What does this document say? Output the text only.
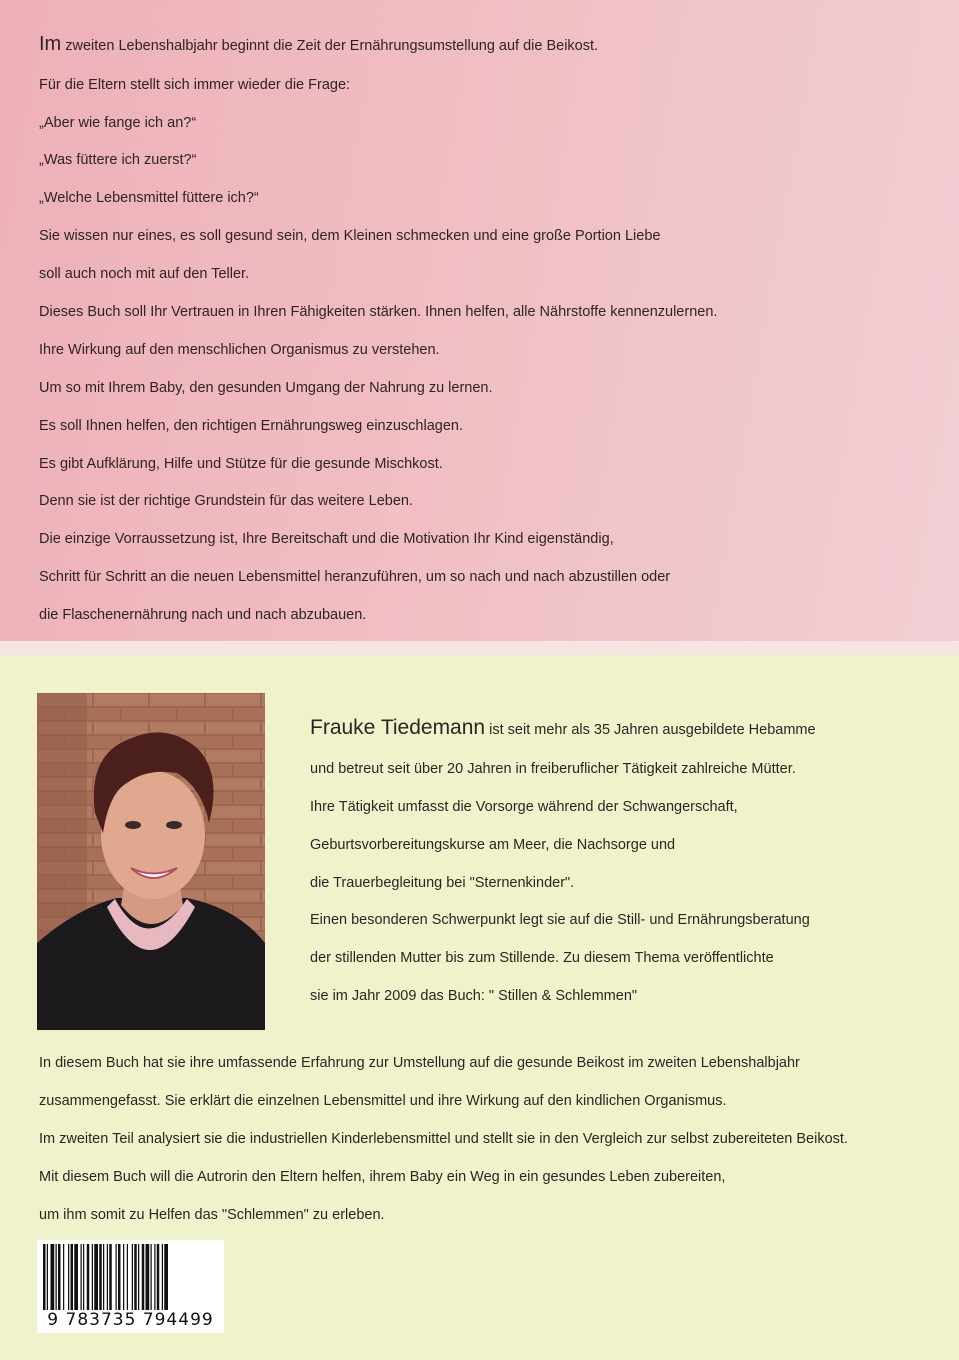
Im zweiten Lebenshalbjahr beginnt die Zeit der Ernährungsumstellung auf die Beikost.
Für die Eltern stellt sich immer wieder die Frage:
„Aber wie fange ich an?“
„Was füttere ich zuerst?“
„Welche Lebensmittel füttere ich?“
Sie wissen nur eines, es soll gesund sein, dem Kleinen schmecken und eine große Portion Liebe
soll auch noch mit auf den Teller.
Dieses Buch soll Ihr Vertrauen in Ihren Fähigkeiten stärken. Ihnen helfen, alle Nährstoffe kennenzulernen.
Ihre Wirkung auf den menschlichen Organismus zu verstehen.
Um so mit Ihrem Baby, den gesunden Umgang der Nahrung zu lernen.
Es soll Ihnen helfen, den richtigen Ernährungsweg einzuschlagen.
Es gibt Aufklärung, Hilfe und Stütze für die gesunde Mischkost.
Denn sie ist der richtige Grundstein für das weitere Leben.
Die einzige Vorraussetzung ist, Ihre Bereitschaft und die Motivation Ihr Kind eigenständig,
Schritt für Schritt an die neuen Lebensmittel heranzuführen, um so nach und nach abzustillen oder
die Flaschenernährung nach und nach abzubauen.
Frauke Tiedemann ist seit mehr als 35 Jahren ausgebildete Hebamme
und betreut seit über 20 Jahren in freiberuflicher Tätigkeit zahlreiche Mütter.
Ihre Tätigkeit umfasst die Vorsorge während der Schwangerschaft,
Geburtsvorbereitungskurse am Meer, die Nachsorge und
die Trauerbegleitung bei "Sternenkinder".
Einen besonderen Schwerpunkt legt sie auf die Still- und Ernährungsberatung
der stillenden Mutter bis zum Stillende. Zu diesem Thema veröffentlichte
sie im Jahr 2009 das Buch: " Stillen & Schlemmen"
In diesem Buch hat sie ihre umfassende Erfahrung zur Umstellung auf die gesunde Beikost im zweiten Lebenshalbjahr
zusammengefasst. Sie erklärt die einzelnen Lebensmittel und ihre Wirkung auf den kindlichen Organismus.
Im zweiten Teil analysiert sie die industriellen Kinderlebensmittel und stellt sie in den Vergleich zur selbst zubereiteten Beikost.
Mit diesem Buch will die Autrorin den Eltern helfen, ihrem Baby ein Weg in ein gesundes Leben zubereiten,
um ihm somit zu Helfen das "Schlemmen" zu erleben.
9 783735 794499
